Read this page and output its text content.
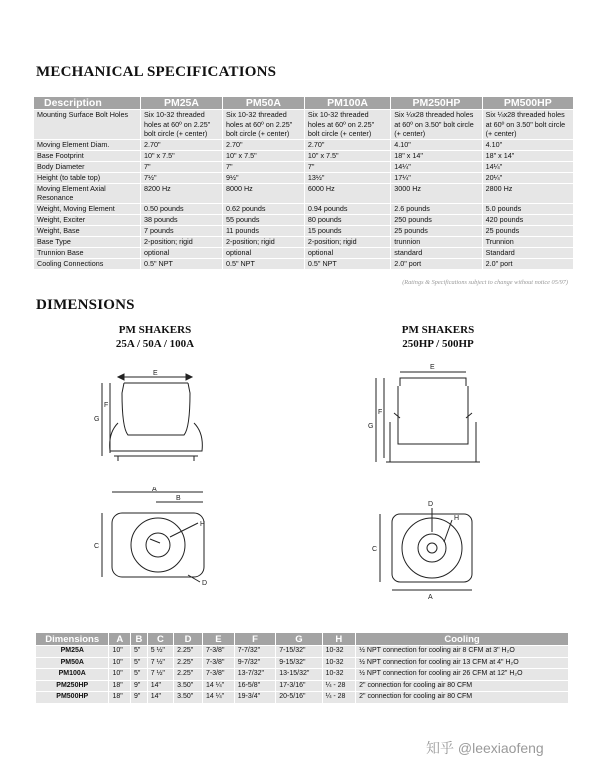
MECHANICAL SPECIFICATIONS
Description	PM25A	PM50A	PM100A	PM250HP	PM500HP
Mounting Surface Bolt Holes	Six 10-32 threaded holes at 60º on 2.25" bolt circle (+ center)	Six 10-32 threaded holes at 60º on 2.25" bolt circle (+ center)	Six 10-32 threaded holes at 60º on 2.25" bolt circle (+ center)	Six ¼x28 threaded holes at 60º on 3.50" bolt circle (+ center)	Six ¼x28 threaded holes at 60º on 3.50" bolt circle (+ center)
Moving Element Diam.	2.70"	2.70"	2.70"	4.10"	4.10"
Base Footprint	10" x 7.5"	10" x 7.5"	10" x 7.5"	18" x 14"	18" x 14"
Body Diameter	7"	7"	7"	14¼"	14¼"
Height (to table top)	7½"	9½"	13½"	17¼"	20¼"
Moving Element Axial Resonance	8200 Hz	8000 Hz	6000 Hz	3000 Hz	2800 Hz
Weight, Moving Element	0.50 pounds	0.62 pounds	0.94 pounds	2.6 pounds	5.0 pounds
Weight, Exciter	38 pounds	55 pounds	80 pounds	250 pounds	420 pounds
Weight, Base	7 pounds	11 pounds	15 pounds	25 pounds	25 pounds
Base Type	2-position; rigid	2-position; rigid	2-position; rigid	trunnion	Trunnion
Trunnion Base	optional	optional	optional	standard	Standard
Cooling Connections	0.5" NPT	0.5" NPT	0.5" NPT	2.0" port	2.0" port
(Ratings & Specifications subject to change without notice 05/97)
DIMENSIONS
PM SHAKERS
25A / 50A / 100A
PM SHAKERS
250HP / 500HP
E
G
F
A
B
H
C
D
E
G
F
D
H
C
A
Dimensions	A	B	C	D	E	F	G	H	Cooling
PM25A	10"	5"	5 ½"	2.25"	7-3/8"	7-7/32"	7-15/32"	10-32	½ NPT connection for cooling air 8 CFM at 3" H₂O
PM50A	10"	5"	7 ½"	2.25"	7-3/8"	9-7/32"	9-15/32"	10-32	½ NPT connection for cooling air 13 CFM at 4" H₂O
PM100A	10"	5"	7 ½"	2.25"	7-3/8"	13-7/32"	13-15/32"	10-32	½ NPT connection for cooling air 26 CFM at 12" H₂O
PM250HP	18"	9"	14"	3.50"	14 ¼"	16-5/8"	17-3/16"	¼ - 28	2" connection for cooling air 80 CFM
PM500HP	18"	9"	14"	3.50"	14 ¼"	19-3/4"	20-5/16"	¼ - 28	2" connection for cooling air 80 CFM
知乎 @leexiaofeng
